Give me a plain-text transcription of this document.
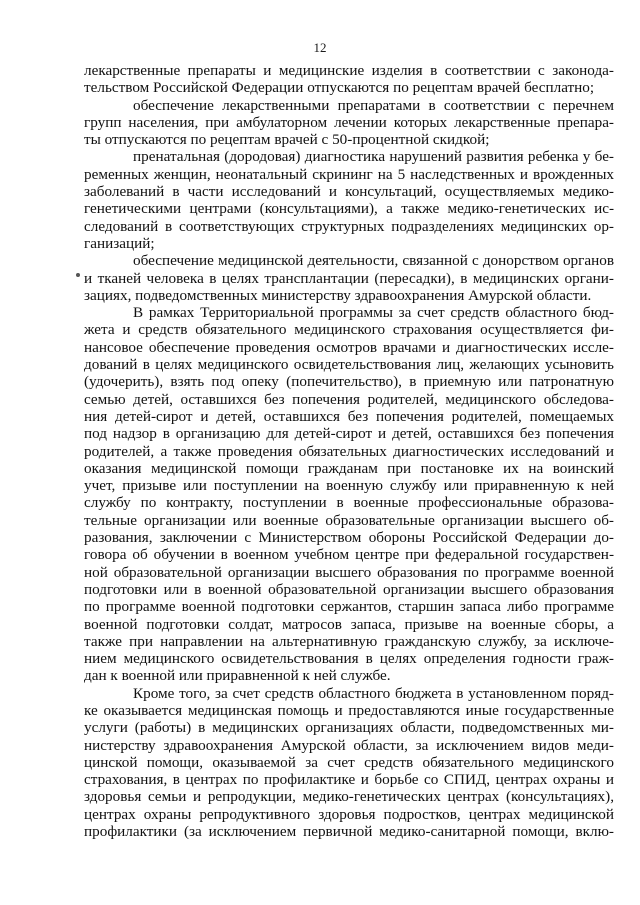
12
лекарственные препараты и медицинские изделия в соответствии с законода-
тельством Российской Федерации отпускаются по рецептам врачей бесплатно;
обеспечение лекарственными препаратами в соответствии с перечнем
групп населения, при амбулаторном лечении которых лекарственные препара-
ты отпускаются по рецептам врачей с 50-процентной скидкой;
пренатальная (дородовая) диагностика нарушений развития ребенка у бе-
ременных женщин, неонатальный скрининг на 5 наследственных и врожденных
заболеваний в части исследований и консультаций, осуществляемых медико-
генетическими центрами (консультациями), а также медико-генетических ис-
следований в соответствующих структурных подразделениях медицинских ор-
ганизаций;
обеспечение медицинской деятельности, связанной с донорством органов
и тканей человека в целях трансплантации (пересадки), в медицинских органи-
зациях, подведомственных министерству здравоохранения Амурской области.
В рамках Территориальной программы за счет средств областного бюд-
жета и средств обязательного медицинского страхования осуществляется фи-
нансовое обеспечение проведения осмотров врачами и диагностических иссле-
дований в целях медицинского освидетельствования лиц, желающих усыновить
(удочерить), взять под опеку (попечительство), в приемную или патронатную
семью детей, оставшихся без попечения родителей, медицинского обследова-
ния детей-сирот и детей, оставшихся без попечения родителей, помещаемых
под надзор в организацию для детей-сирот и детей, оставшихся без попечения
родителей, а также проведения обязательных диагностических исследований и
оказания медицинской помощи гражданам при постановке их на воинский
учет, призыве или поступлении на военную службу или приравненную к ней
службу по контракту, поступлении в военные профессиональные образова-
тельные организации или военные образовательные организации высшего об-
разования, заключении с Министерством обороны Российской Федерации до-
говора об обучении в военном учебном центре при федеральной государствен-
ной образовательной организации высшего образования по программе военной
подготовки или в военной образовательной организации высшего образования
по программе военной подготовки сержантов, старшин запаса либо программе
военной подготовки солдат, матросов запаса, призыве на военные сборы, а
также при направлении на альтернативную гражданскую службу, за исключе-
нием медицинского освидетельствования в целях определения годности граж-
дан к военной или приравненной к ней службе.
Кроме того, за счет средств областного бюджета в установленном поряд-
ке оказывается медицинская помощь и предоставляются иные государственные
услуги (работы) в медицинских организациях области, подведомственных ми-
нистерству здравоохранения Амурской области, за исключением видов меди-
цинской помощи, оказываемой за счет средств обязательного медицинского
страхования, в центрах по профилактике и борьбе со СПИД, центрах охраны и
здоровья семьи и репродукции, медико-генетических центрах (консультациях),
центрах охраны репродуктивного здоровья подростков, центрах медицинской
профилактики (за исключением первичной медико-санитарной помощи, вклю-
